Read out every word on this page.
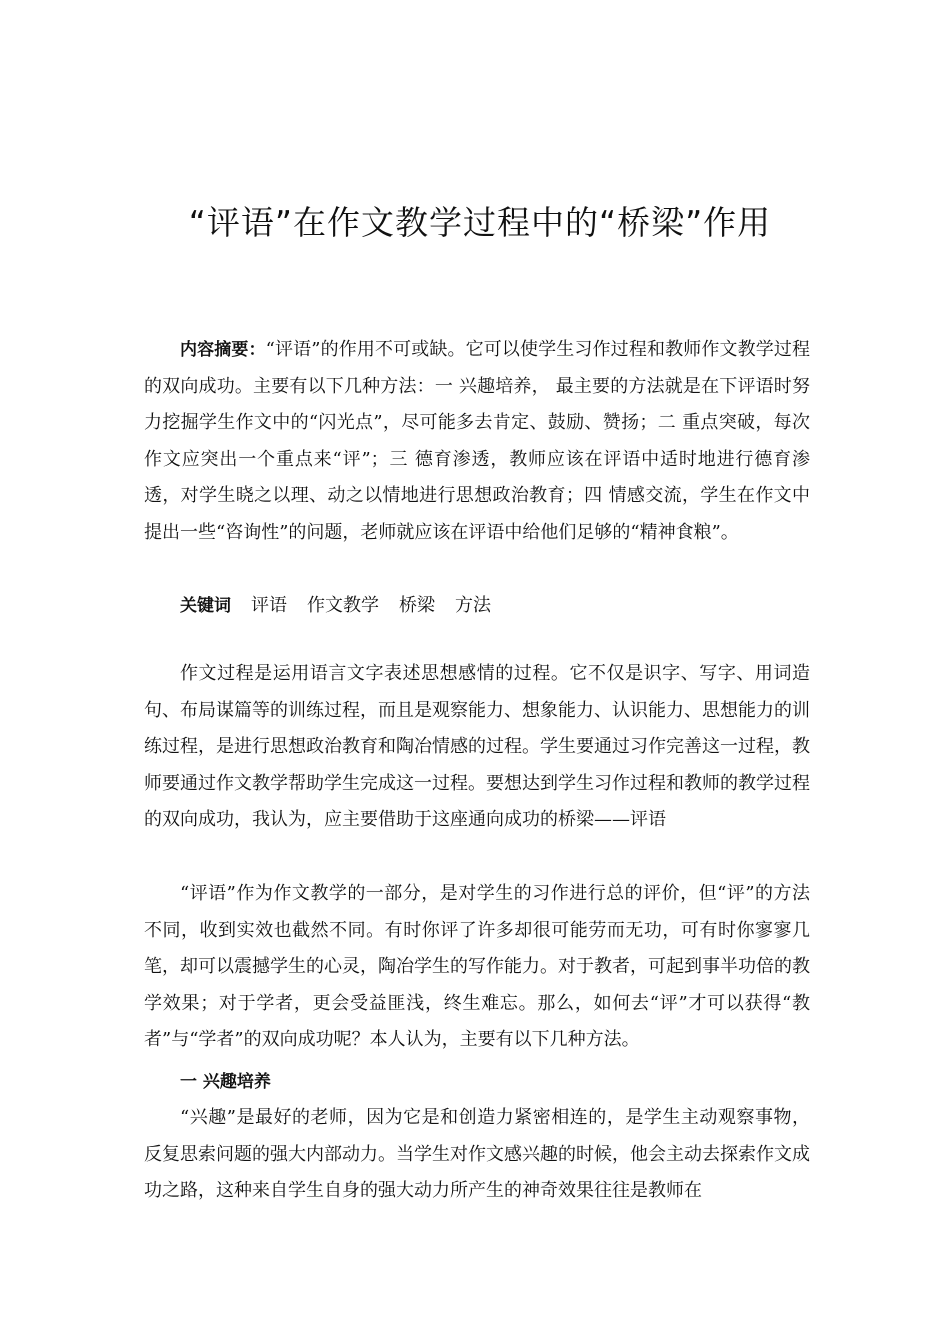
“评语”在作文教学过程中的“桥梁”作用

内容摘要：“评语”的作用不可或缺。它可以使学生习作过程和教师作文教学过程的双向成功。主要有以下几种方法：一 兴趣培养， 最主要的方法就是在下评语时努力挖掘学生作文中的“闪光点”，尽可能多去肯定、鼓励、赞扬；二 重点突破，每次作文应突出一个重点来“评”；三 德育渗透，教师应该在评语中适时地进行德育渗透，对学生晓之以理、动之以情地进行思想政治教育；四 情感交流，学生在作文中提出一些“咨询性”的问题，老师就应该在评语中给他们足够的“精神食粮”。

关键词 评语 作文教学 桥梁 方法

作文过程是运用语言文字表述思想感情的过程。它不仅是识字、写字、用词造句、布局谋篇等的训练过程，而且是观察能力、想象能力、认识能力、思想能力的训练过程，是进行思想政治教育和陶冶情感的过程。学生要通过习作完善这一过程，教师要通过作文教学帮助学生完成这一过程。要想达到学生习作过程和教师的教学过程的双向成功，我认为，应主要借助于这座通向成功的桥梁——评语

“评语”作为作文教学的一部分，是对学生的习作进行总的评价，但“评”的方法不同，收到实效也截然不同。有时你评了许多却很可能劳而无功，可有时你寥寥几笔，却可以震撼学生的心灵，陶冶学生的写作能力。对于教者，可起到事半功倍的教学效果；对于学者，更会受益匪浅，终生难忘。那么，如何去“评”才可以获得“教者”与“学者”的双向成功呢？本人认为，主要有以下几种方法。

一 兴趣培养

“兴趣”是最好的老师，因为它是和创造力紧密相连的，是学生主动观察事物，反复思索问题的强大内部动力。当学生对作文感兴趣的时候，他会主动去探索作文成功之路，这种来自学生自身的强大动力所产生的神奇效果往往是教师在
